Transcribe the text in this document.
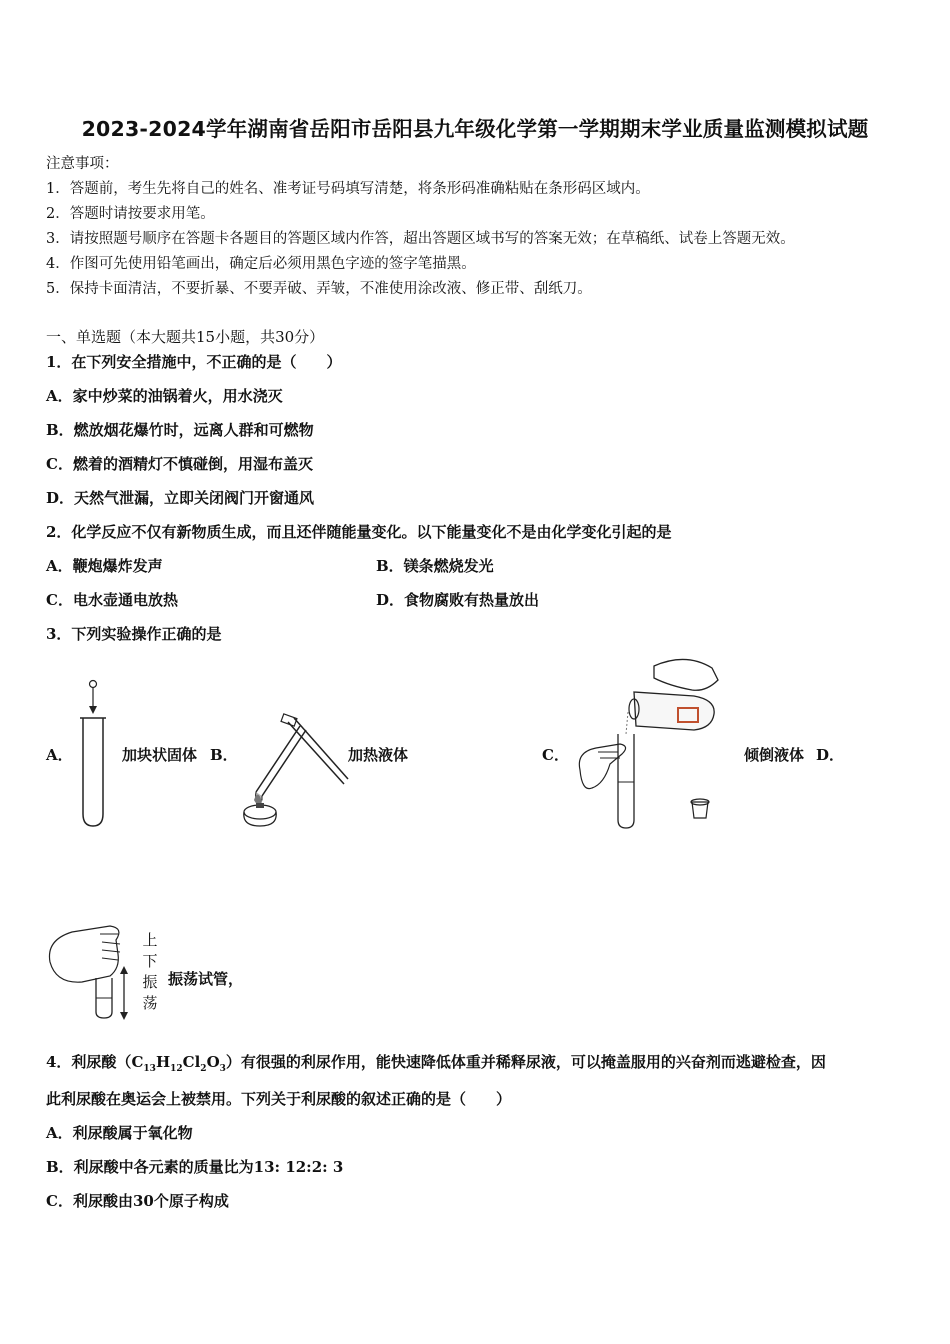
2023-2024学年湖南省岳阳市岳阳县九年级化学第一学期期末学业质量监测模拟试题
注意事项：
1．答题前，考生先将自己的姓名、准考证号码填写清楚，将条形码准确粘贴在条形码区域内。
2．答题时请按要求用笔。
3．请按照题号顺序在答题卡各题目的答题区域内作答，超出答题区域书写的答案无效；在草稿纸、试卷上答题无效。
4．作图可先使用铅笔画出，确定后必须用黑色字迹的签字笔描黑。
5．保持卡面清洁，不要折暴、不要弄破、弄皱，不准使用涂改液、修正带、刮纸刀。
一、单选题（本大题共15小题，共30分）
1．在下列安全措施中，不正确的是（　　）
A．家中炒菜的油锅着火，用水浇灭
B．燃放烟花爆竹时，远离人群和可燃物
C．燃着的酒精灯不慎碰倒，用湿布盖灭
D．天然气泄漏，立即关闭阀门开窗通风
2．化学反应不仅有新物质生成，而且还伴随能量变化。以下能量变化不是由化学变化引起的是
A．鞭炮爆炸发声	B．镁条燃烧发光
C．电水壶通电放热	D．食物腐败有热量放出
3．下列实验操作正确的是
A．	加块状固体 B．	加热液体	C．	倾倒液体 D．
上
下
振
荡
振荡试管，
4．利尿酸$(C_{13}H_{12}Cl_2O_3)$有很强的利尿作用，能快速降低体重并稀释尿液，可以掩盖服用的兴奋剂而逃避检查，因
此利尿酸在奥运会上被禁用。下列关于利尿酸的叙述正确的是（　　）
A．利尿酸属于氧化物
B．利尿酸中各元素的质量比为13: 12:2: 3
C．利尿酸由30个原子构成
